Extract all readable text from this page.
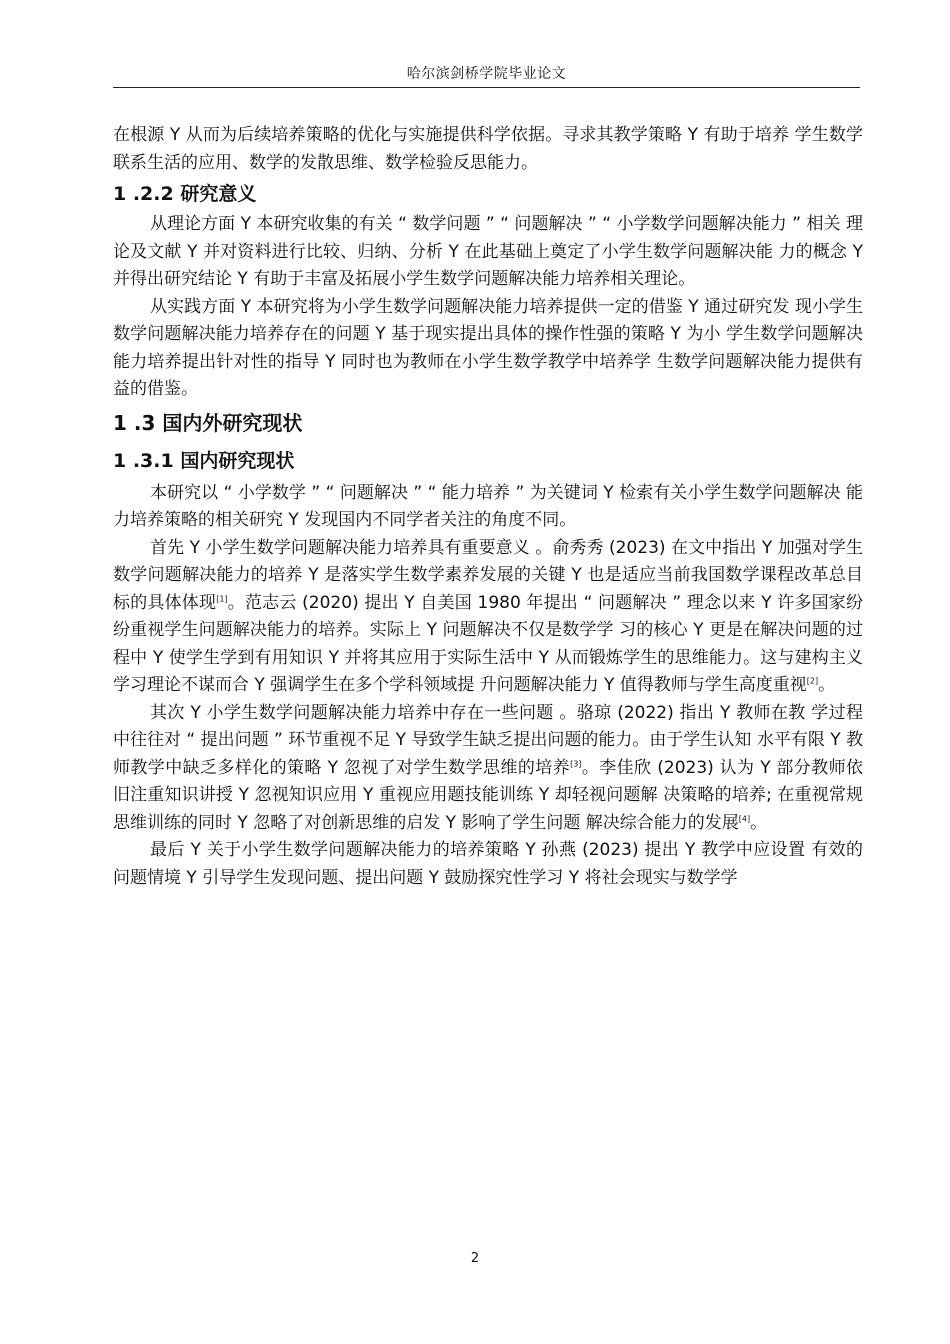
哈尔滨剑桥学院毕业论文

在根源 Y 从而为后续培养策略的优化与实施提供科学依据。寻求其教学策略 Y 有助于培养 学生数学联系生活的应用、数学的发散思维、数学检验反思能力。

1 .2.2 研究意义

从理论方面 Y 本研究收集的有关 “ 数学问题 ” “ 问题解决 ” “ 小学数学问题解决能力 ” 相关 理论及文献 Y 并对资料进行比较、归纳、分析 Y 在此基础上奠定了小学生数学问题解决能 力的概念 Y 并得出研究结论 Y 有助于丰富及拓展小学生数学问题解决能力培养相关理论。

从实践方面 Y 本研究将为小学生数学问题解决能力培养提供一定的借鉴 Y 通过研究发 现小学生数学问题解决能力培养存在的问题 Y 基于现实提出具体的操作性强的策略 Y 为小 学生数学问题解决能力培养提出针对性的指导 Y 同时也为教师在小学生数学教学中培养学 生数学问题解决能力提供有益的借鉴。

1 .3 国内外研究现状
1 .3.1 国内研究现状

本研究以 “ 小学数学 ” “ 问题解决 ” “ 能力培养 ” 为关键词 Y 检索有关小学生数学问题解决 能力培养策略的相关研究 Y 发现国内不同学者关注的角度不同。

首先 Y 小学生数学问题解决能力培养具有重要意义 。俞秀秀 (2023) 在文中指出 Y 加强对学生数学问题解决能力的培养 Y 是落实学生数学素养发展的关键 Y 也是适应当前我国数学课程改革总目标的具体体现[1]。范志云 (2020) 提出 Y 自美国 1980 年提出 “ 问题解决 ” 理念以来 Y 许多国家纷纷重视学生问题解决能力的培养。实际上 Y 问题解决不仅是数学学 习的核心 Y 更是在解决问题的过程中 Y 使学生学到有用知识 Y 并将其应用于实际生活中 Y 从而锻炼学生的思维能力。这与建构主义学习理论不谋而合 Y 强调学生在多个学科领域提 升问题解决能力 Y 值得教师与学生高度重视[2]。

其次 Y 小学生数学问题解决能力培养中存在一些问题 。骆琼 (2022) 指出 Y 教师在教 学过程中往往对 “ 提出问题 ” 环节重视不足 Y 导致学生缺乏提出问题的能力。由于学生认知 水平有限 Y 教师教学中缺乏多样化的策略 Y 忽视了对学生数学思维的培养[3]。李佳欣 (2023) 认为 Y 部分教师依旧注重知识讲授 Y 忽视知识应用 Y 重视应用题技能训练 Y 却轻视问题解 决策略的培养; 在重视常规思维训练的同时 Y 忽略了对创新思维的启发 Y 影响了学生问题 解决综合能力的发展[4]。

最后 Y 关于小学生数学问题解决能力的培养策略 Y 孙燕 (2023) 提出 Y 教学中应设置 有效的问题情境 Y 引导学生发现问题、提出问题 Y 鼓励探究性学习 Y 将社会现实与数学学

2
